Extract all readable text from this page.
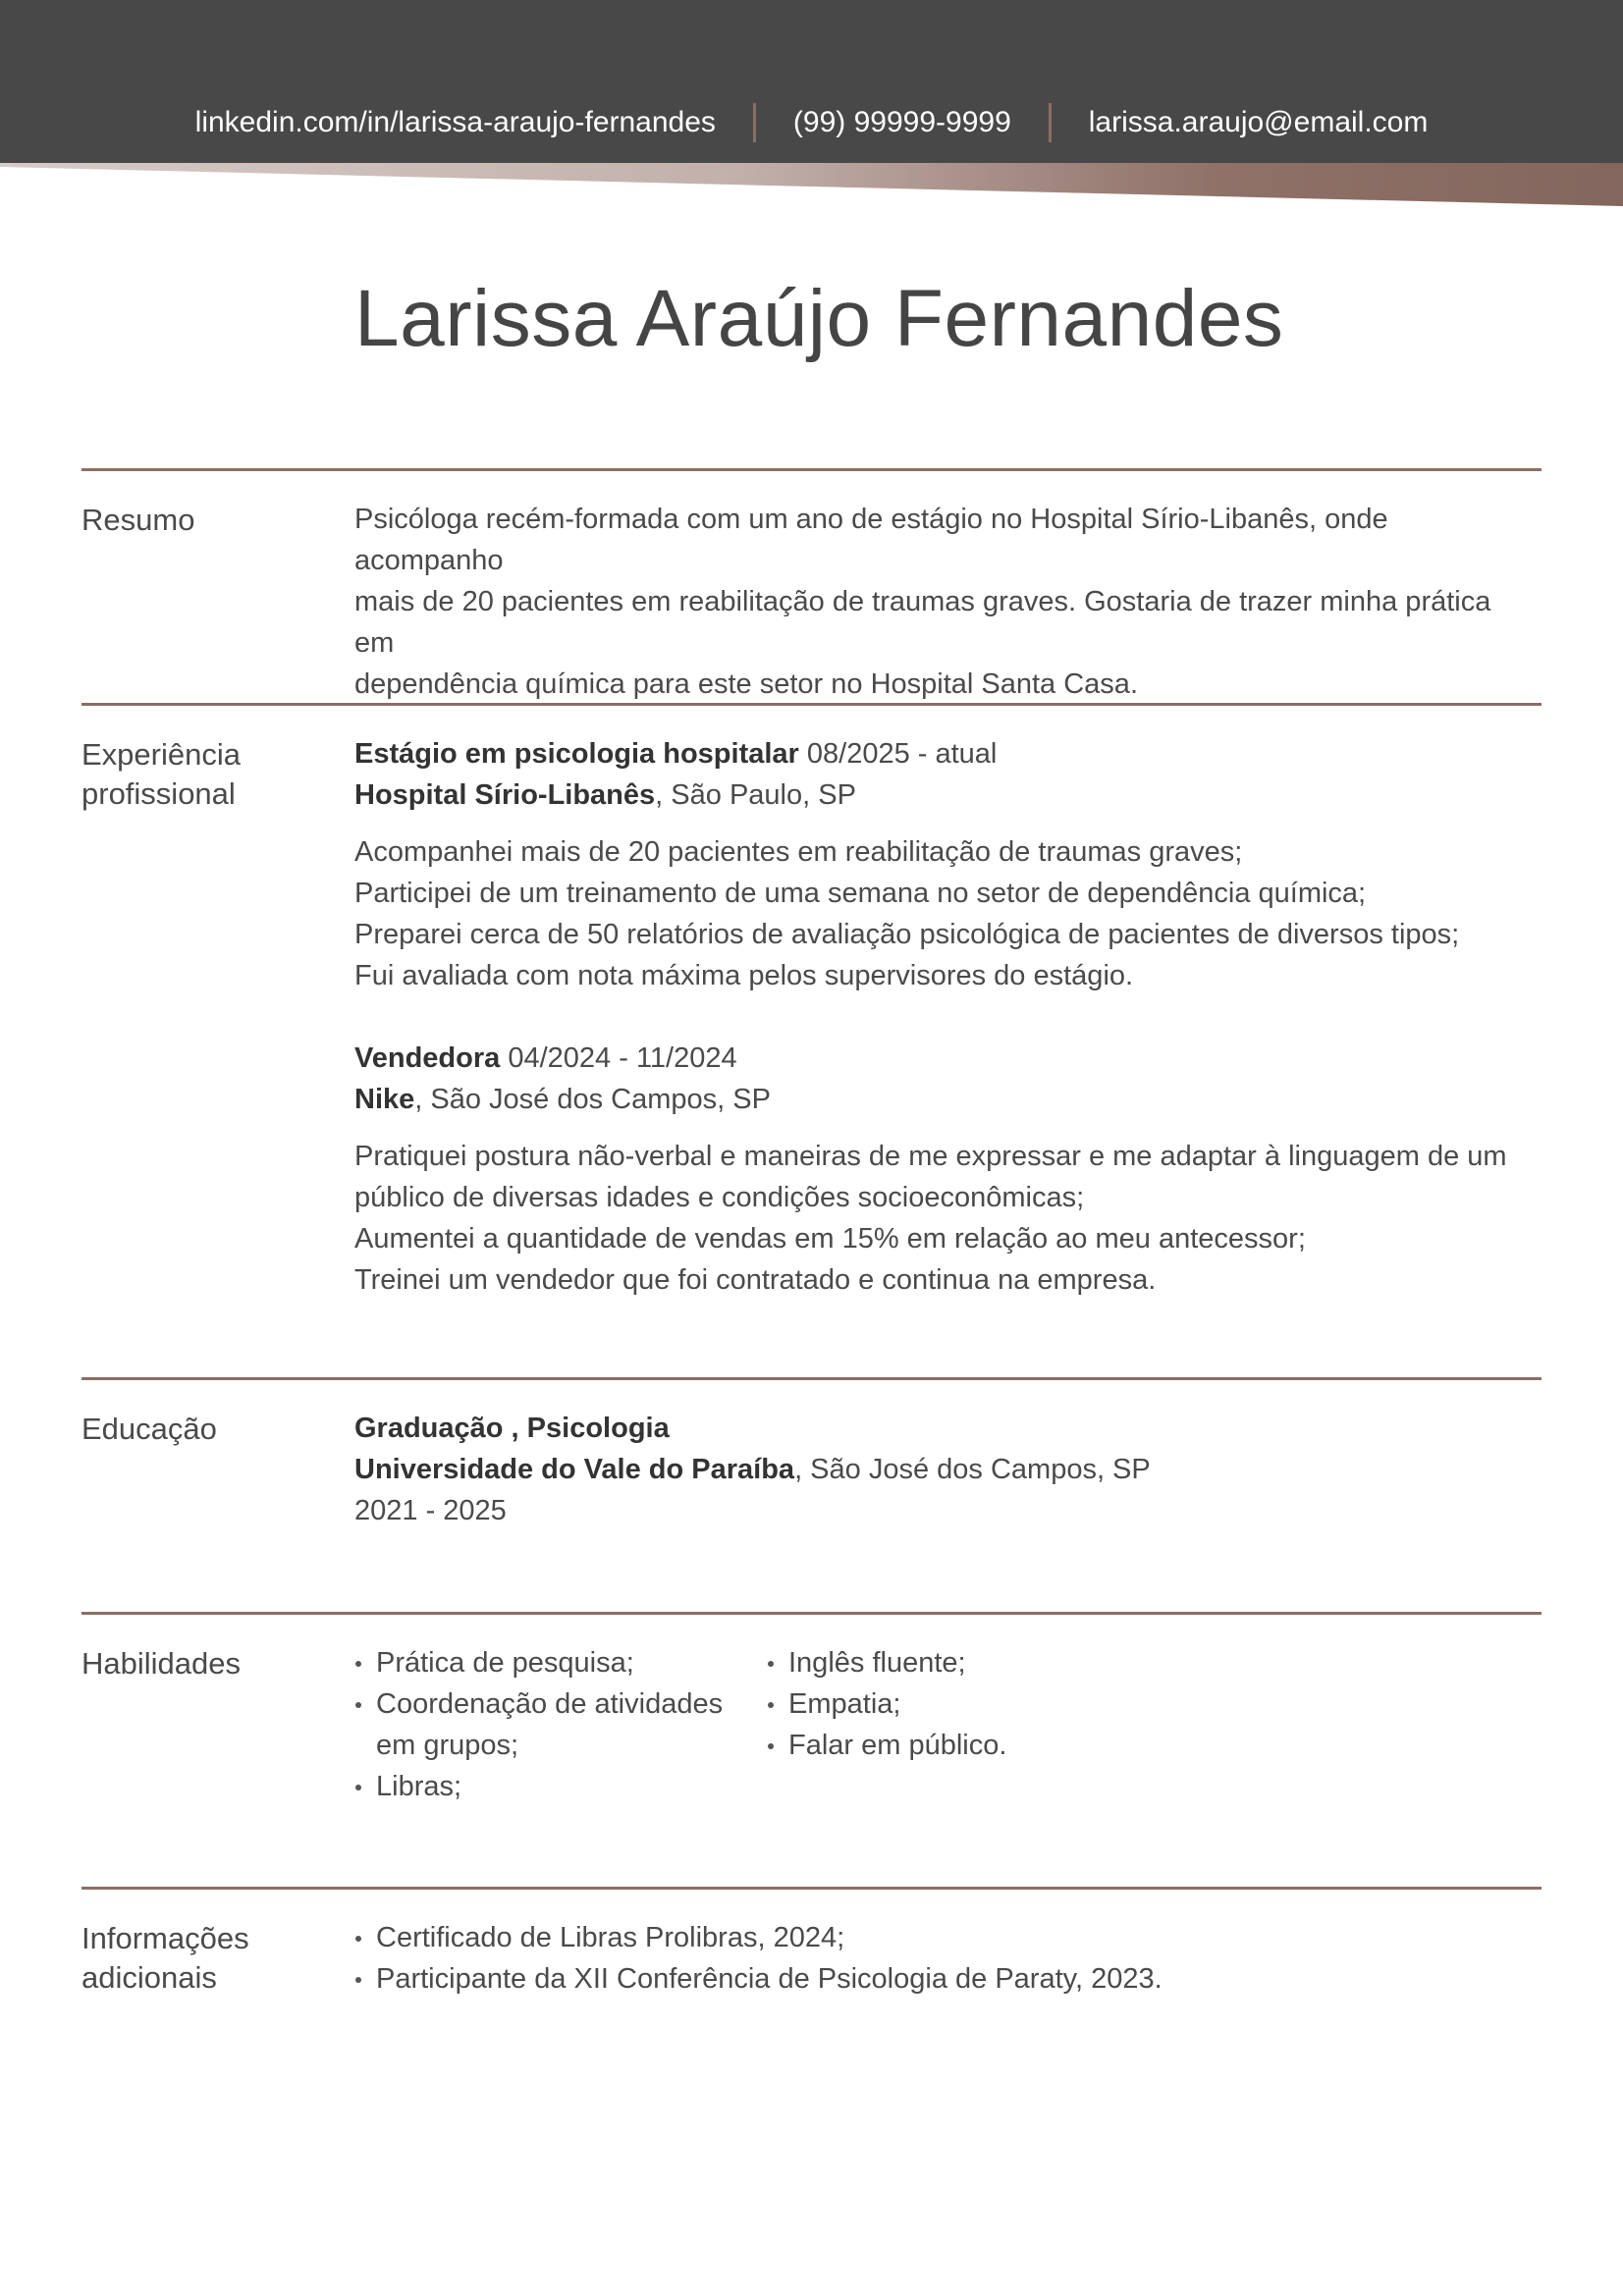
linkedin.com/in/larissa-araujo-fernandes	(99) 99999-9999	larissa.araujo@email.com
Larissa Araújo Fernandes
Resumo	Psicóloga recém-formada com um ano de estágio no Hospital Sírio-Libanês, onde acompanho

mais de 20 pacientes em reabilitação de traumas graves. Gostaria de trazer minha prática em

dependência química para este setor no Hospital Santa Casa.

Experiência
profissional

Estágio em psicologia hospitalar 08/2025 - atual

Hospital Sírio-Libanês, São Paulo, SP

Acompanhei mais de 20 pacientes em reabilitação de traumas graves;

Participei de um treinamento de uma semana no setor de dependência química;

Preparei cerca de 50 relatórios de avaliação psicológica de pacientes de diversos tipos;

Fui avaliada com nota máxima pelos supervisores do estágio.

Vendedora 04/2024 - 11/2024

Nike, São José dos Campos, SP

Pratiquei postura não-verbal e maneiras de me expressar e me adaptar à linguagem de um

público de diversas idades e condições socioeconômicas;

Aumentei a quantidade de vendas em 15% em relação ao meu antecessor;

Treinei um vendedor que foi contratado e continua na empresa.

Educação	Graduação , Psicologia

Universidade do Vale do Paraíba, São José dos Campos, SP

2021 - 2025

Habilidades	Prática de pesquisa;
Coordenação de atividades
em grupos;
Libras;
Inglês fluente;
Empatia;
Falar em público.
Informações
adicionais
Certificado de Libras Prolibras, 2024;
Participante da XII Conferência de Psicologia de Paraty, 2023.
